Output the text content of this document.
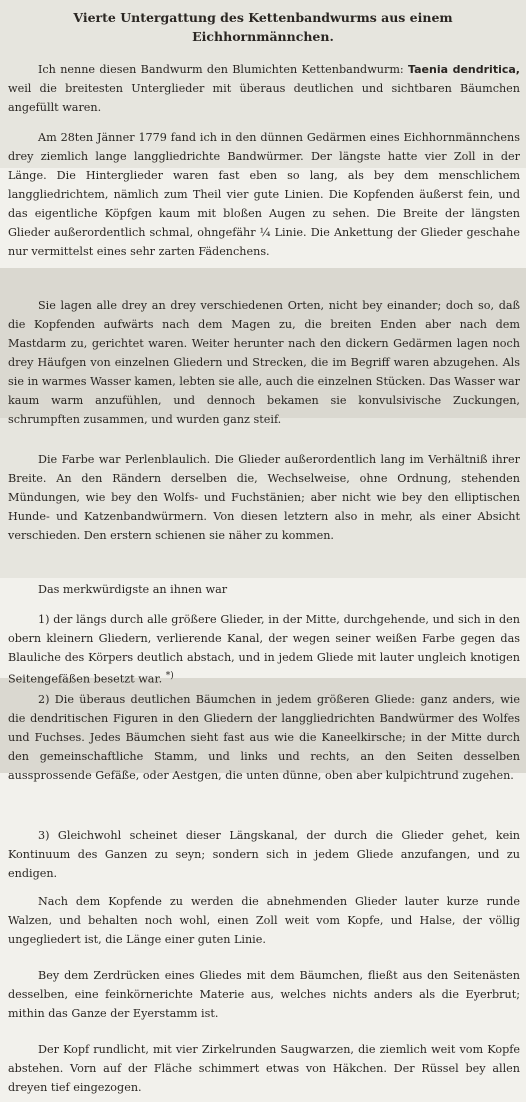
Vierte Untergattung des Kettenbandwurms aus einem Eichhornmännchen.
Ich nenne diesen Bandwurm den Blumichten Kettenbandwurm: Taenia dendritica, weil die breitesten Unterglieder mit überaus deutlichen und sichtbaren Bäumchen angefüllt waren.
Am 28ten Jänner 1779 fand ich in den dünnen Gedärmen eines Eichhornmännchens drey ziemlich lange langgliedrichte Bandwürmer. Der längste hatte vier Zoll in der Länge. Die Hinterglieder waren fast eben so lang, als bey dem menschlichem langgliedrichtem, nämlich zum Theil vier gute Linien. Die Kopfenden äußerst fein, und das eigentliche Köpfgen kaum mit bloßen Augen zu sehen. Die Breite der längsten Glieder außerordentlich schmal, ohngefähr ¼ Linie. Die Ankettung der Glieder geschahe nur vermittelst eines sehr zarten Fädenchens.
Sie lagen alle drey an drey verschiedenen Orten, nicht bey einander; doch so, daß die Kopfenden aufwärts nach dem Magen zu, die breiten Enden aber nach dem Mastdarm zu, gerichtet waren. Weiter herunter nach den dickern Gedärmen lagen noch drey Häufgen von einzelnen Gliedern und Strecken, die im Begriff waren abzugehen. Als sie in warmes Wasser kamen, lebten sie alle, auch die einzelnen Stücken. Das Wasser war kaum warm anzufühlen, und dennoch bekamen sie konvulsivische Zuckungen, schrumpften zusammen, und wurden ganz steif.
Die Farbe war Perlenblaulich. Die Glieder außerordentlich lang im Verhältniß ihrer Breite. An den Rändern derselben die, Wechselweise, ohne Ordnung, stehenden Mündungen, wie bey den Wolfs- und Fuchstänien; aber nicht wie bey den elliptischen Hunde- und Katzenbandwürmern. Von diesen letztern also in mehr, als einer Absicht verschieden. Den erstern schienen sie näher zu kommen.
Das merkwürdigste an ihnen war
1) der längs durch alle größere Glieder, in der Mitte, durchgehende, und sich in den obern kleinern Gliedern, verlierende Kanal, der wegen seiner weißen Farbe gegen das Blauliche des Körpers deutlich abstach, und in jedem Gliede mit lauter ungleich knotigen Seitengefäßen besetzt war. *)
2) Die überaus deutlichen Bäumchen in jedem größeren Gliede: ganz anders, wie die dendritischen Figuren in den Gliedern der langgliedrichten Bandwürmer des Wolfes und Fuchses. Jedes Bäumchen sieht fast aus wie die Kaneelkirsche; in der Mitte durch den gemeinschaftliche Stamm, und links und rechts, an den Seiten desselben aussprossende Gefäße, oder Aestgen, die unten dünne, oben aber kulpichtrund zugehen.
3) Gleichwohl scheinet dieser Längskanal, der durch die Glieder gehet, kein Kontinuum des Ganzen zu seyn; sondern sich in jedem Gliede anzufangen, und zu endigen.
Nach dem Kopfende zu werden die abnehmenden Glieder lauter kurze runde Walzen, und behalten noch wohl, einen Zoll weit vom Kopfe, und Halse, der völlig ungegliedert ist, die Länge einer guten Linie.
Bey dem Zerdrücken eines Gliedes mit dem Bäumchen, fließt aus den Seitenästen desselben, eine feinkörnerichte Materie aus, welches nichts anders als die Eyerbrut; mithin das Ganze der Eyerstamm ist.
Der Kopf rundlicht, mit vier Zirkelrunden Saugwarzen, die ziemlich weit vom Kopfe abstehen. Vorn auf der Fläche schimmert etwas von Häkchen. Der Rüssel bey allen dreyen tief eingezogen.
